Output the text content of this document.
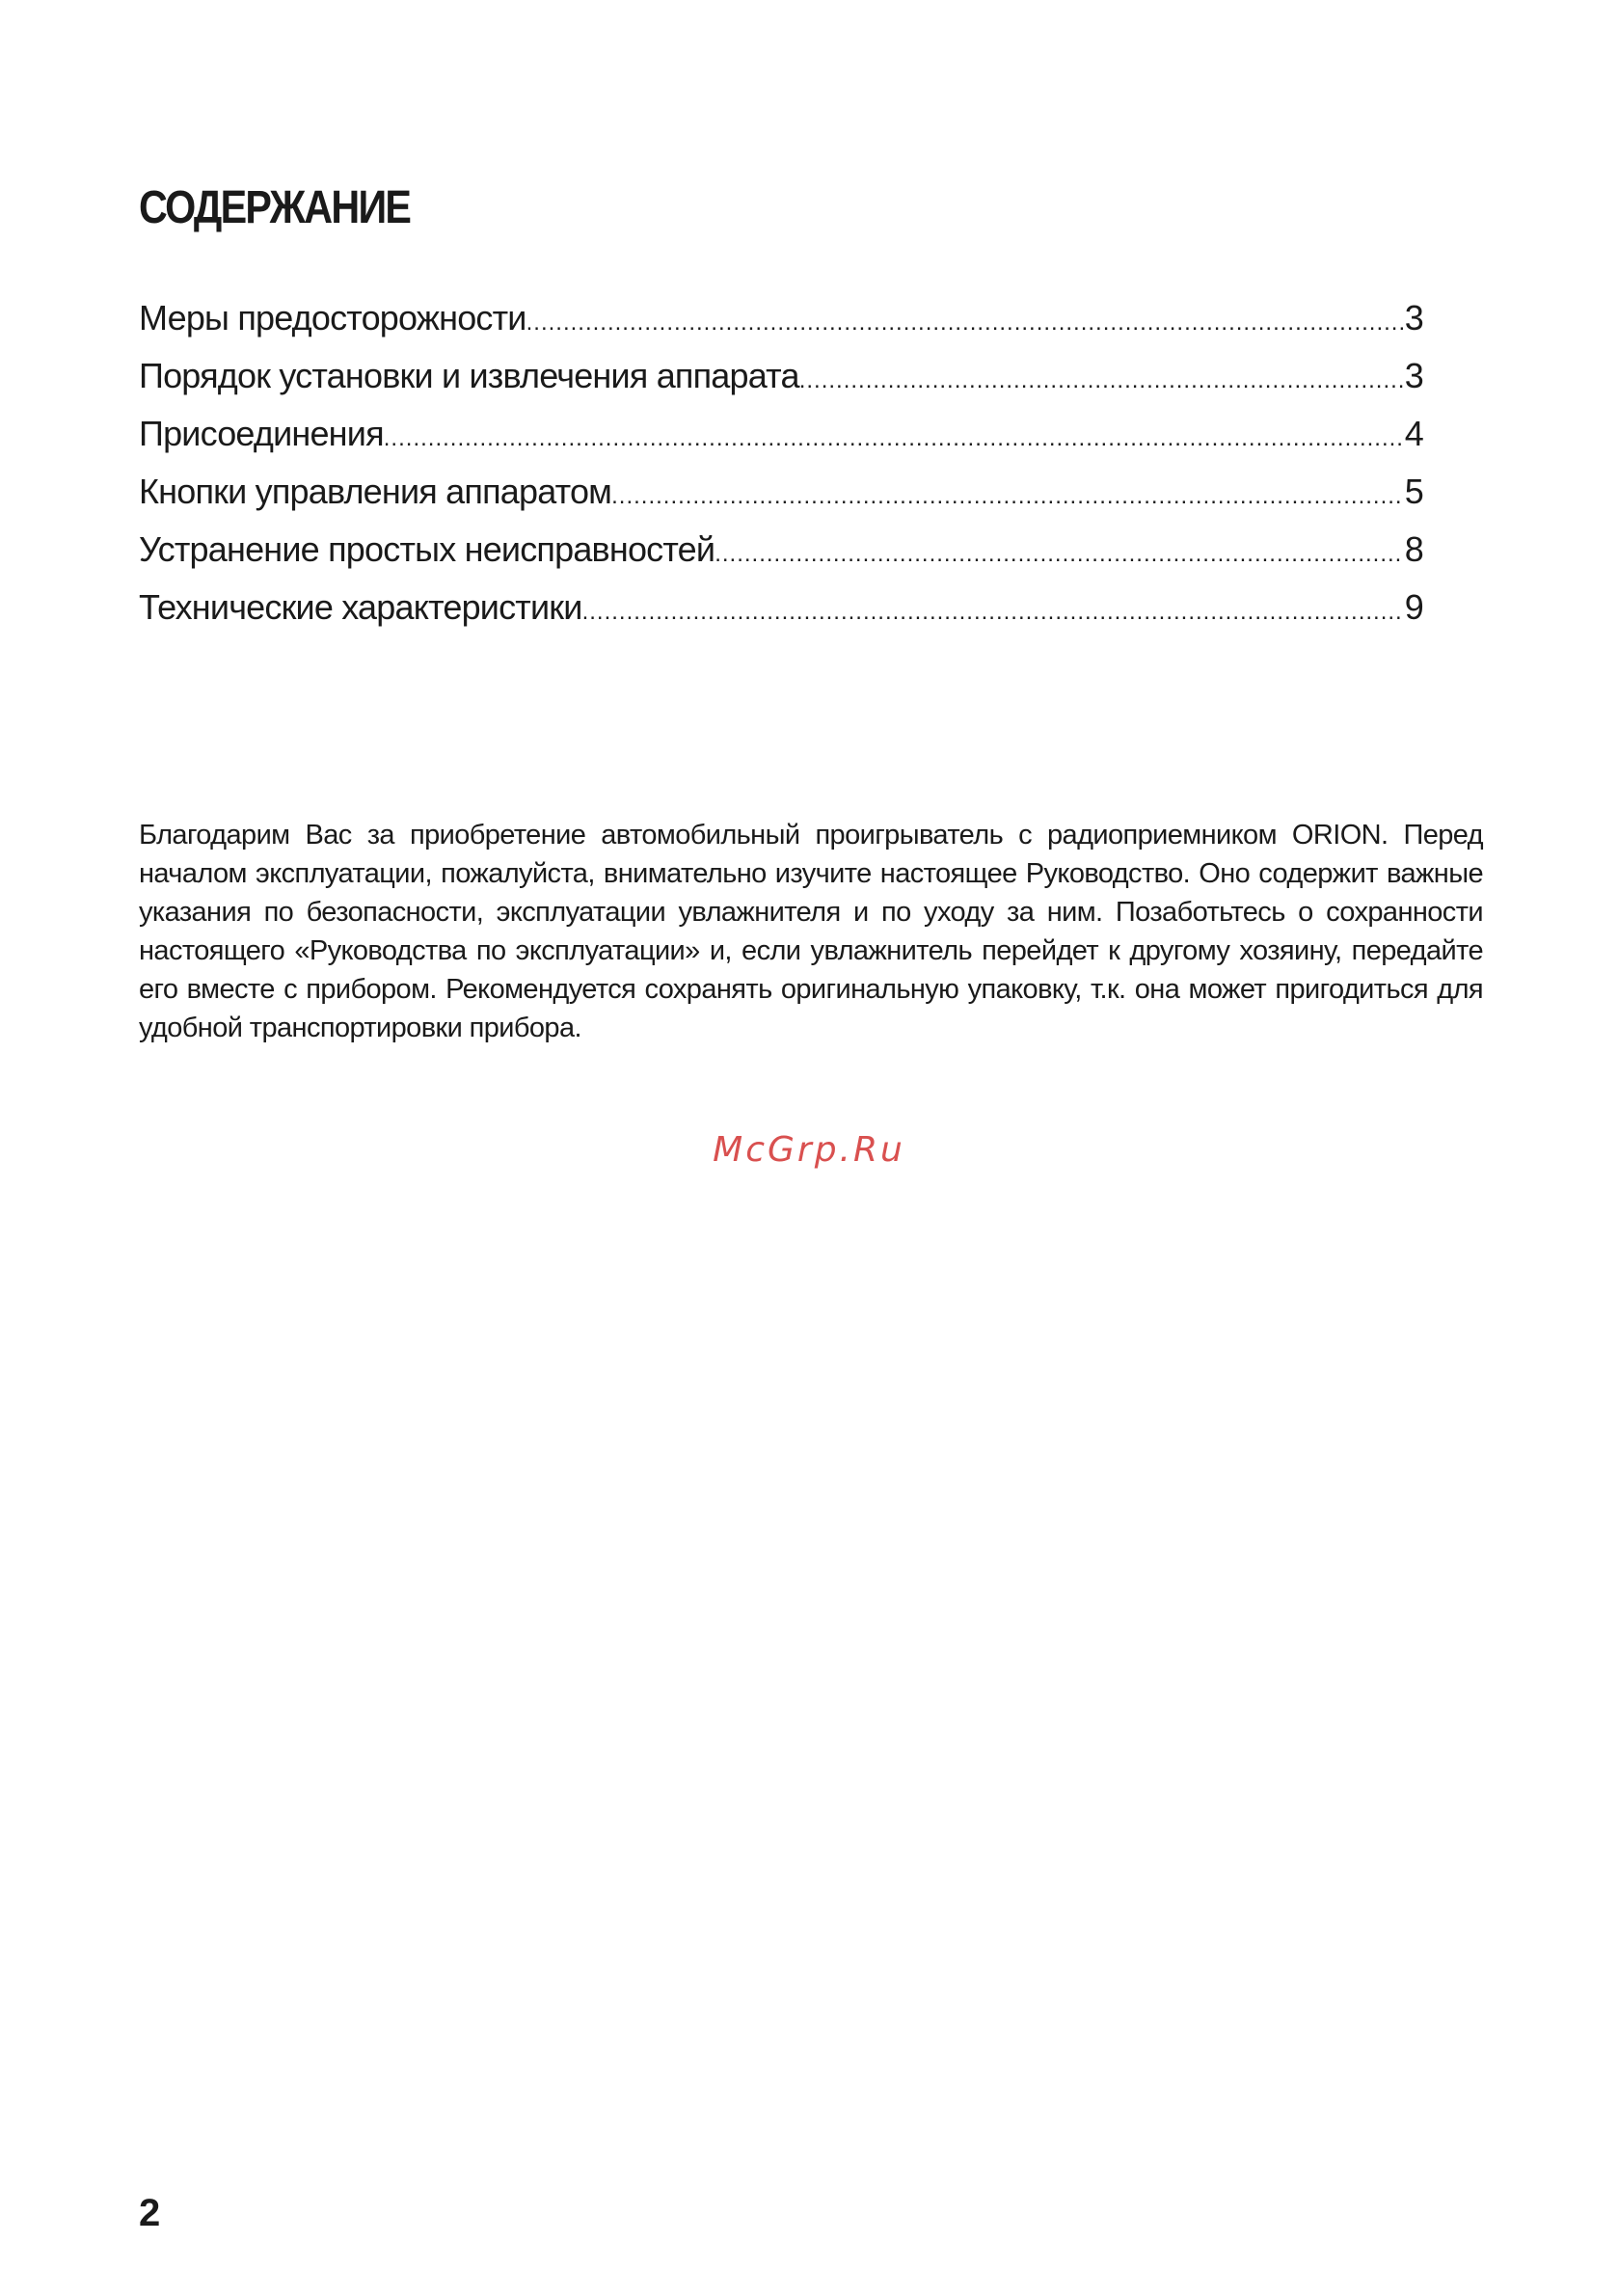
СОДЕРЖАНИЕ
Меры предосторожности .....	3
Порядок установки и извлечения аппарата .....	3
Присоединения .....	4
Кнопки управления аппаратом .....	5
Устранение простых неисправностей .....	8
Технические характеристики .....	9

Благодарим Вас за приобретение автомобильный проигрыватель с радиоприемником ORION. Перед началом эксплуатации, пожалуйста, внимательно изучите настоящее Руководство. Оно содержит важные указания по безопасности, эксплуатации увлажнителя и по уходу за ним. Позаботьтесь о сохранности настоящего «Руководства по эксплуатации» и, если увлажнитель перейдет к другому хозяину, передайте его вместе с прибором. Рекомендуется сохранять оригинальную упаковку, т.к. она может пригодиться для удобной транспортировки прибора.

McGrp.Ru
2
